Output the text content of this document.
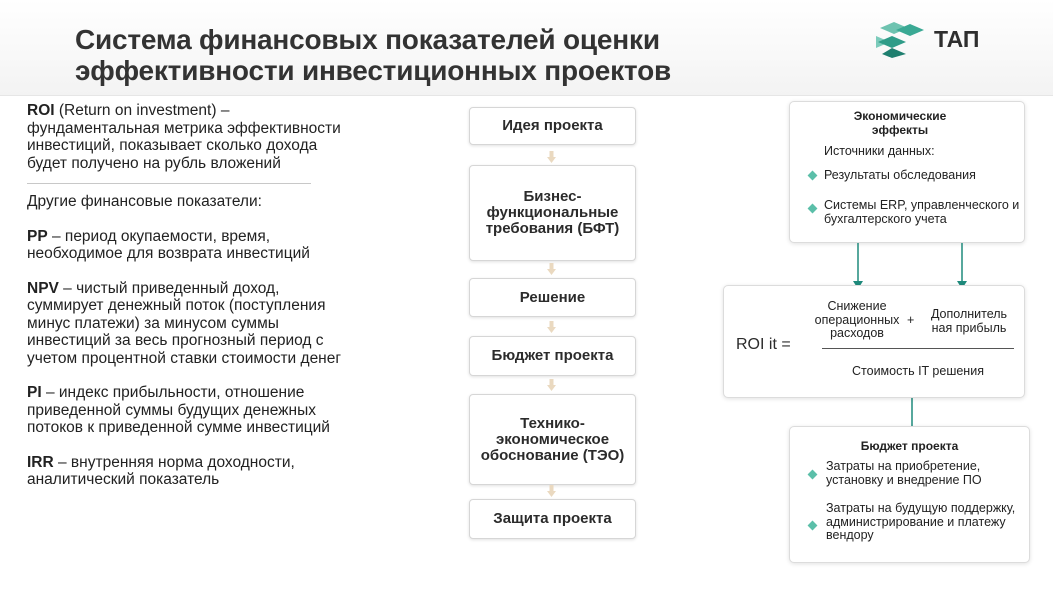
Система финансовых показателей оценки
эффективности инвестиционных проектов
ТАП

ROI (Return on investment) – фундаментальная метрика эффективности инвестиций, показывает сколько дохода будет получено на рубль вложений

Другие финансовые показатели:

PP – период окупаемости, время, необходимое для возврата инвестиций

NPV – чистый приведенный доход, суммирует денежный поток (поступления минус платежи) за минусом суммы инвестиций за весь прогнозный период с учетом процентной ставки стоимости денег

PI – индекс прибыльности, отношение приведенной суммы будущих денежных потоков к приведенной сумме инвестиций

IRR – внутренняя норма доходности, аналитический показатель

Идея проекта
Бизнес-функциональные требования (БФТ)
Решение
Бюджет проекта
Технико-экономическое обоснование (ТЭО)
Защита проекта
Экономические эффекты
Источники данных:
Результаты обследования
Системы ERP, управленческого и бухгалтерского учета
ROI it =
Снижение операционных расходов
+	Дополнитель ная прибыль
Стоимость IT решения
Бюджет проекта
Затраты на приобретение, установку и внедрение ПО
Затраты на будущую поддержку, администрирование и платежу вендору
